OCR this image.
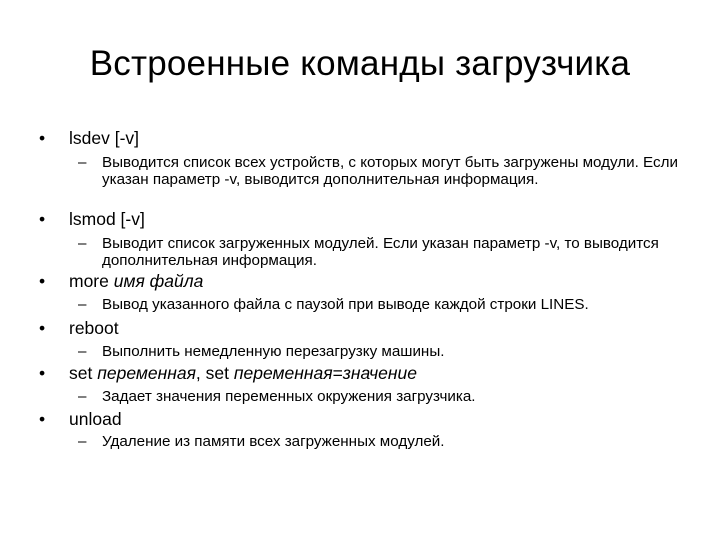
Встроенные команды загрузчика
• lsdev [-v]
– Выводится список всех устройств, с которых могут быть загружены модули. Если указан параметр -v, выводится дополнительная информация.
• lsmod [-v]
– Выводит список загруженных модулей. Если указан параметр -v, то выводится дополнительная информация.
• more имя файла
– Вывод указанного файла с паузой при выводе каждой строки LINES.
• reboot
– Выполнить немедленную перезагрузку машины.
• set переменная, set переменная=значение
– Задает значения переменных окружения загрузчика.
• unload
– Удаление из памяти всех загруженных модулей.
